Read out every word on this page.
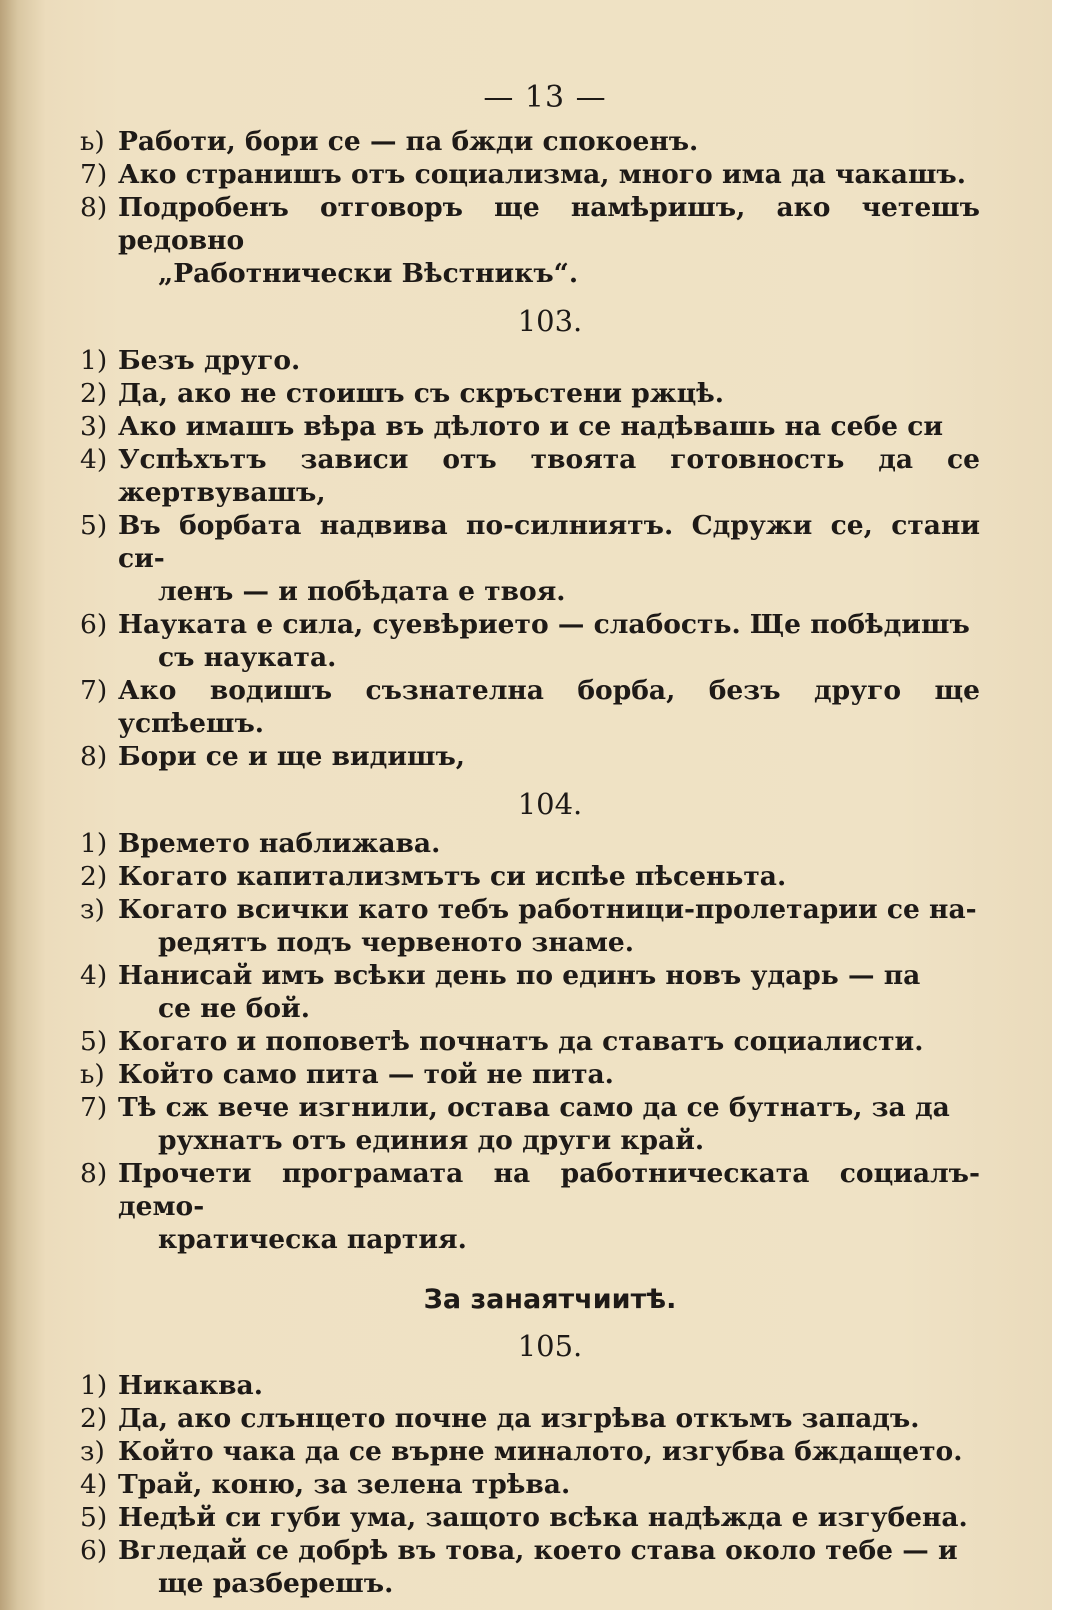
— 13 —
ь) Работи, бори се — па бжди спокоенъ.
7) Ако странишъ отъ социализма, много има да чакашъ.
8) Подробенъ отговоръ ще намѣришъ, ако четешъ редовно
„Работнически Вѣстникъ“.
103.
1) Безъ друго.
2) Да, ако не стоишъ съ скръстени ржцѣ.
3) Ако имашъ вѣра въ дѣлото и се надѣвашь на себе си
4) Успѣхътъ зависи отъ твоята готовность да се жертвувашъ,
5) Въ борбата надвива по-силниятъ. Сдружи се, стани си-
ленъ — и побѣдата е твоя.
6) Науката е сила, суевѣрието — слабость. Ще побѣдишъ
съ науката.
7) Ако водишъ съзнателна борба, безъ друго ще успѣешъ.
8) Бори се и ще видишъ,
104.
1) Времето наближава.
2) Когато капитализмътъ си испѣе пѣсеньта.
з) Когато всички като тебъ работници-пролетарии се на-
редятъ подъ червеното знаме.
4) Нанисай имъ всѣки день по единъ новъ ударь — па
се не бой.
5) Когато и поповетѣ почнатъ да ставатъ социалисти.
ь) Който само пита — той не пита.
7) Тѣ сж вече изгнили, остава само да се бутнатъ, за да
рухнатъ отъ единия до други край.
8) Прочети програмата на работническата социалъ-демо-
кратическа партия.
За занаятчиитѣ.
105.
1) Никаква.
2) Да, ако слънцето почне да изгрѣва откъмъ западъ.
з) Който чака да се върне миналото, изгубва бждащето.
4) Трай, коню, за зелена трѣва.
5) Недѣй си губи ума, защото всѣка надѣжда е изгубена.
6) Вгледай се добрѣ въ това, което става около тебе — и
ще разберешъ.
